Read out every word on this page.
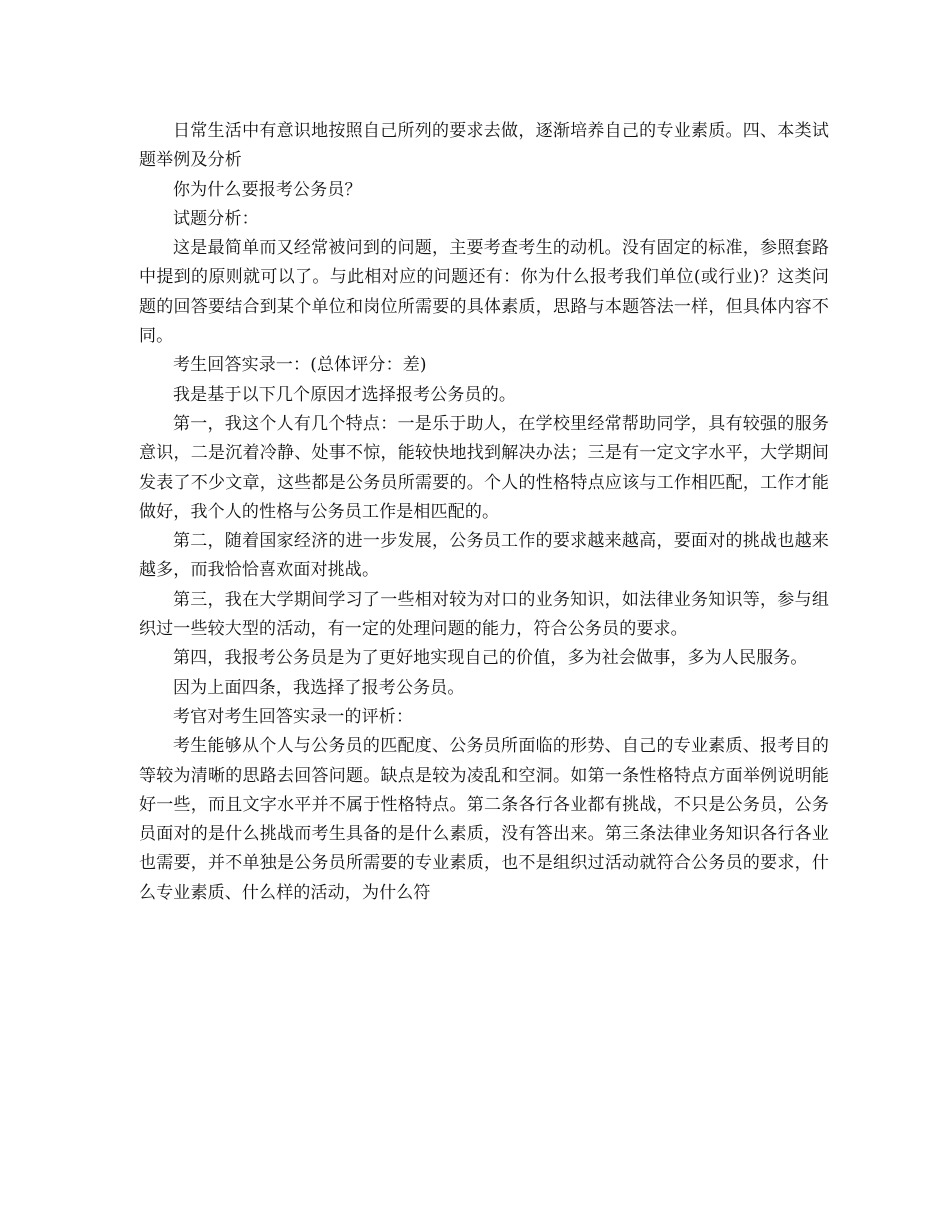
日常生活中有意识地按照自己所列的要求去做，逐渐培养自己的专业素质。四、本类试题举例及分析

你为什么要报考公务员？

试题分析：

这是最简单而又经常被问到的问题，主要考查考生的动机。没有固定的标准，参照套路中提到的原则就可以了。与此相对应的问题还有：你为什么报考我们单位(或行业)？这类问题的回答要结合到某个单位和岗位所需要的具体素质，思路与本题答法一样，但具体内容不同。

考生回答实录一：(总体评分：差)

我是基于以下几个原因才选择报考公务员的。

第一，我这个人有几个特点：一是乐于助人，在学校里经常帮助同学，具有较强的服务意识，二是沉着冷静、处事不惊，能较快地找到解决办法；三是有一定文字水平，大学期间发表了不少文章，这些都是公务员所需要的。个人的性格特点应该与工作相匹配，工作才能做好，我个人的性格与公务员工作是相匹配的。

第二，随着国家经济的进一步发展，公务员工作的要求越来越高，要面对的挑战也越来越多，而我恰恰喜欢面对挑战。

第三，我在大学期间学习了一些相对较为对口的业务知识，如法律业务知识等，参与组织过一些较大型的活动，有一定的处理问题的能力，符合公务员的要求。

第四，我报考公务员是为了更好地实现自己的价值，多为社会做事，多为人民服务。

因为上面四条，我选择了报考公务员。

考官对考生回答实录一的评析：

考生能够从个人与公务员的匹配度、公务员所面临的形势、自己的专业素质、报考目的等较为清晰的思路去回答问题。缺点是较为凌乱和空洞。如第一条性格特点方面举例说明能好一些，而且文字水平并不属于性格特点。第二条各行各业都有挑战，不只是公务员，公务员面对的是什么挑战而考生具备的是什么素质，没有答出来。第三条法律业务知识各行各业也需要，并不单独是公务员所需要的专业素质，也不是组织过活动就符合公务员的要求，什么专业素质、什么样的活动，为什么符
